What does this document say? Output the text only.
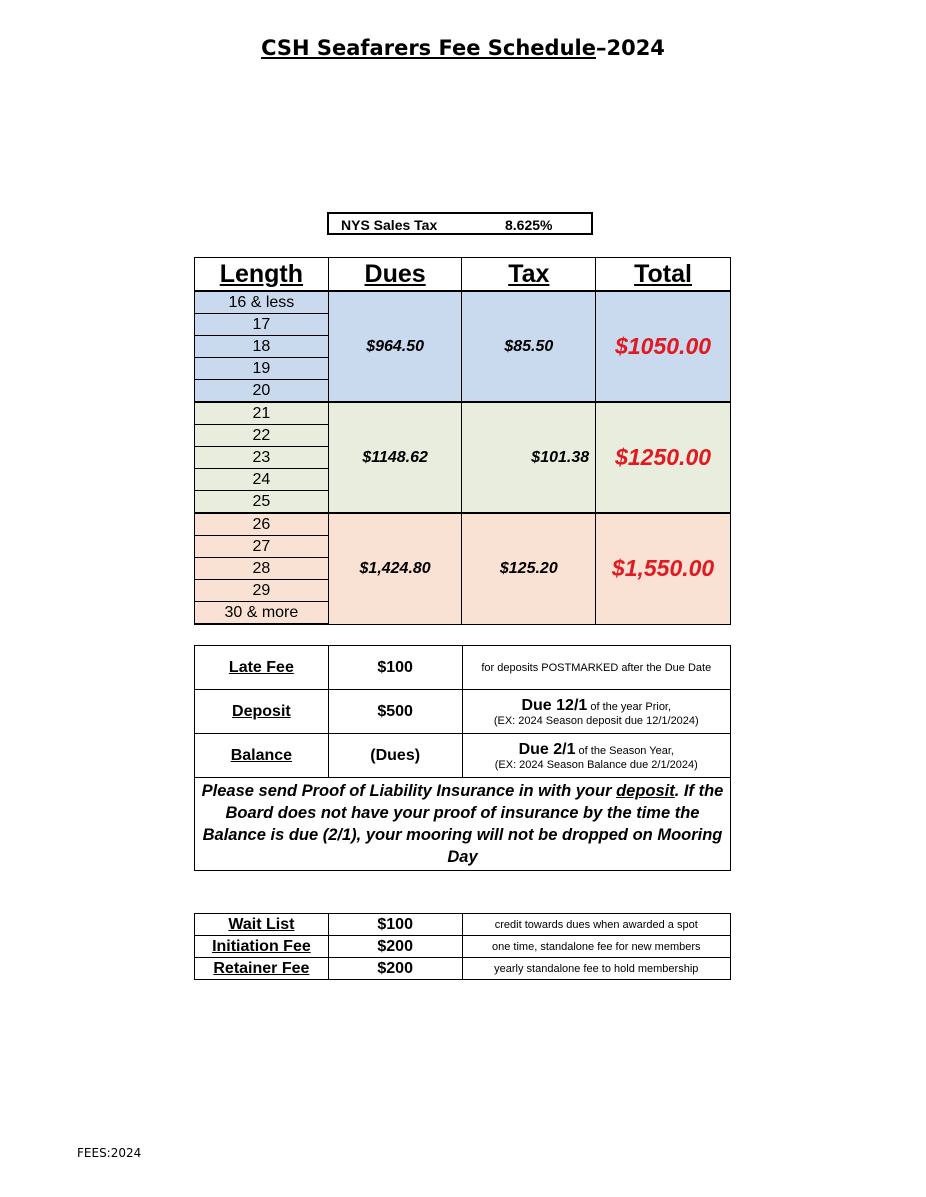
CSH Seafarers Fee Schedule–2024
NYS Sales Tax	8.625%
Length	Dues	Tax	Total
16 & less	$964.50	$85.50	$1050.00
17			
18			
19			
20			
21	$1148.62	$101.38	$1250.00
22			
23			
24			
25			
26	$1,424.80	$125.20	$1,550.00
27			
28			
29			
30 & more			
Late Fee	$100	for deposits POSTMARKED after the Due Date
Deposit	$500	Due 12/1 of the year Prior,
(EX: 2024 Season deposit due 12/1/2024)

Balance	(Dues)	Due 2/1 of the Season Year,
(EX: 2024 Season Balance due 2/1/2024)

Please send Proof of Liability Insurance in with your deposit. If the Board does not have your proof of insurance by the time the Balance is due (2/1), your mooring will not be dropped on Mooring Day		
Wait List	$100	credit towards dues when awarded a spot
Initiation Fee	$200	one time, standalone fee for new members
Retainer Fee	$200	yearly standalone fee to hold membership
FEES:2024
